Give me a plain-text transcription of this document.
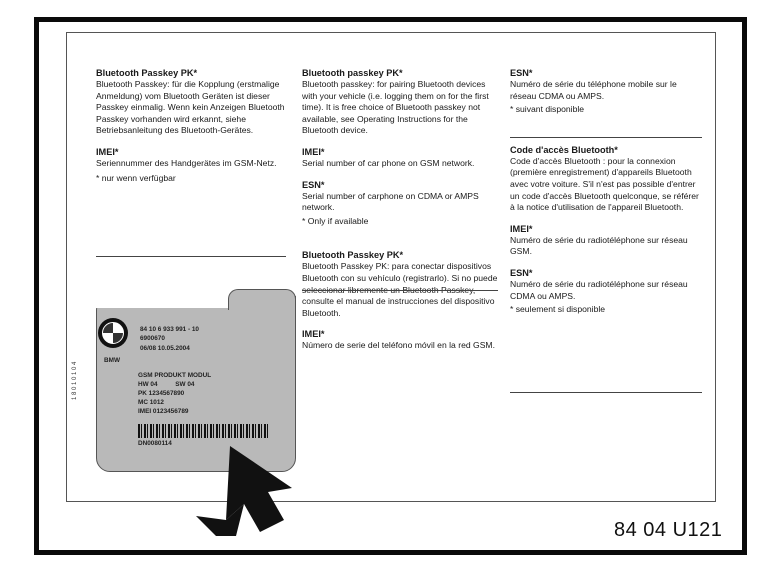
Bluetooth Passkey PK*

Bluetooth Passkey: für die Kopplung (erstmalige Anmeldung) vom Bluetooth Geräten ist dieser Passkey einmalig. Wenn kein Anzeigen Bluetooth Passkey vorhanden wird erkannt, siehe Betriebsanleitung des Bluetooth-Gerätes.

IMEI*

Seriennummer des Handgerätes im GSM-Netz.

* nur wenn verfügbar

Bluetooth passkey PK*

Bluetooth passkey: for pairing Bluetooth devices with your vehicle (i.e. logging them on for the first time). It is free choice of Bluetooth passkey not available, see Operating Instructions for the Bluetooth device.

IMEI*

Serial number of car phone on GSM network.

ESN*

Serial number of carphone on CDMA or AMPS network.

* Only if available

Bluetooth Passkey PK*

Bluetooth Passkey PK: para conectar dispositivos Bluetooth con su vehículo (registrarlo). Si no puede consulte el manual de instrucciones del dispositivo Bluetooth.

IMEI*

Número de serie del teléfono móvil en la red GSM.

ESN*

Numéro de série du téléphone mobile sur le réseau CDMA ou AMPS.

* suivant disponible

Code d'accès Bluetooth*

Code d'accès Bluetooth : pour la connexion (première enregistrement) d'appareils Bluetooth avec votre voiture. S'il n'est pas possible d'entrer un code d'accès Bluetooth quelconque, se référer à la notice d'utilisation de l'appareil Bluetooth.

IMEI*

Numéro de série du radiotéléphone sur réseau GSM.

ESN*

Numéro de série du radiotéléphone sur réseau CDMA ou AMPS.

* seulement si disponible

84 10 6 933 991 - 10
6900670
06/08 10.05.2004
BMW
GSM PRODUKT MODUL
HW 04          SW 04
PK 1234567890
MC 1012
IMEI 0123456789
DN0080114
1 8 0 1 0 1 0 4
84 04 U121
